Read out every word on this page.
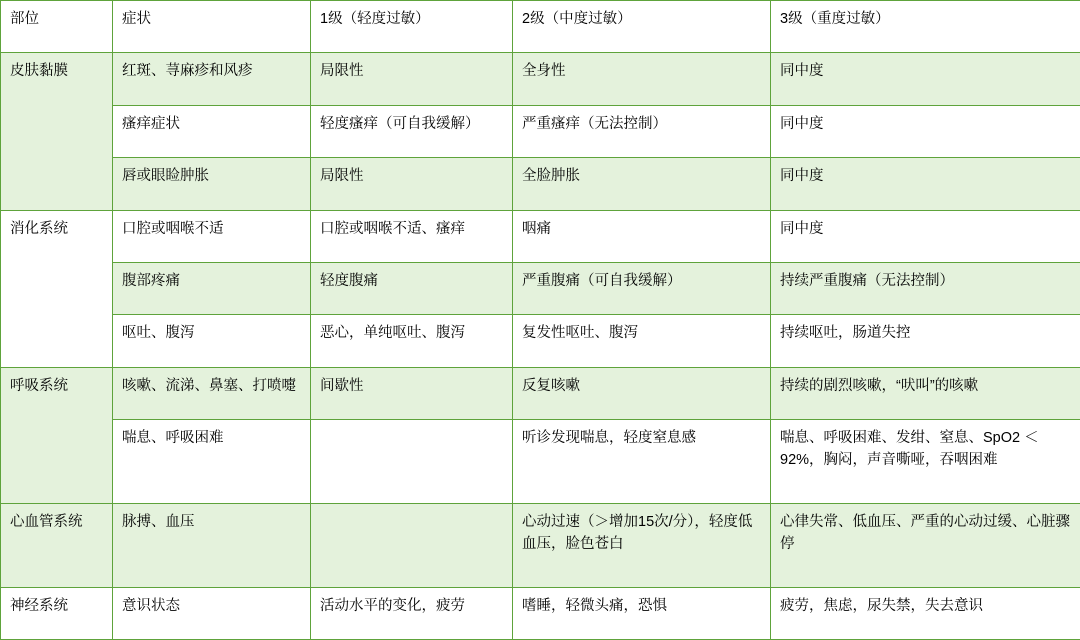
部位	症状	1级（轻度过敏）	2级（中度过敏）	3级（重度过敏）
皮肤黏膜	红斑、荨麻疹和风疹	局限性	全身性	同中度
	瘙痒症状	轻度瘙痒（可自我缓解）	严重瘙痒（无法控制）	同中度
	唇或眼睑肿胀	局限性	全脸肿胀	同中度
消化系统	口腔或咽喉不适	口腔或咽喉不适、瘙痒	咽痛	同中度
	腹部疼痛	轻度腹痛	严重腹痛（可自我缓解）	持续严重腹痛（无法控制）
	呕吐、腹泻	恶心，单纯呕吐、腹泻	复发性呕吐、腹泻	持续呕吐，肠道失控
呼吸系统	咳嗽、流涕、鼻塞、打喷嚏	间歇性	反复咳嗽	持续的剧烈咳嗽，“吠叫”的咳嗽
	喘息、呼吸困难		听诊发现喘息，轻度窒息感	喘息、呼吸困难、发绀、窒息、SpO2 ＜92%，胸闷，声音嘶哑，吞咽困难
心血管系统	脉搏、血压		心动过速（＞增加15次/分），轻度低血压，脸色苍白	心律失常、低血压、严重的心动过缓、心脏骤停
神经系统	意识状态	活动水平的变化，疲劳	嗜睡，轻微头痛，恐惧	疲劳，焦虑，尿失禁，失去意识
